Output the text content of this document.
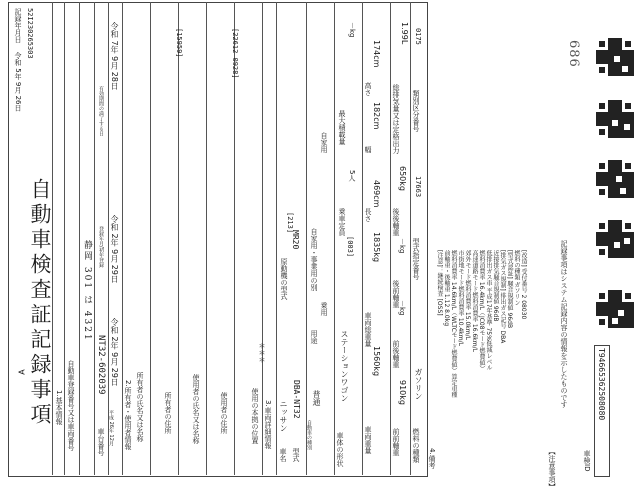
A 自動車検査証記録事項
52I230265303
記録年月日
令和 5年 9月 26日
1.基本情報 自動車登録番号又は車両番号
静岡 301 は 4321
車台番号
NT32-602039
登録年月/初年登録
平成 26年 12月
令和 2年 9月 29日
令和 2年 9月 29日
有効期間の満了する日
令和 7年 9月 28日
2.所有者・使用者情報 所有者の氏名又は名称	所有者の住所
[15959]
使用者の氏名又は名称	使用者の住所
[22612 0928]
使用の本拠の位置
＊＊＊
3.車両詳細情報
車名
ニッサン
[213]
型式
DBA-NT32
原動機の型式
MR20
自動車の種別
普通
用途
乗用
自家用・事業用の別
自家用
車体の形状
ステーションワゴン
[003]
乗車定員
5人
最大積載量
－kg
車両重量
1560kg
車両総重量
1835kg
長さ
469cm
幅
182cm
高さ
174cm
前前軸重
910kg
前後軸重
－kg
後前軸重
－kg
後後軸重
650kg
総排気量又は定格出力
1.99L
燃料の種類
ガソリン
型式指定番号
17663
類別区分番号
0175
4.備考
[注意]：継続検査 [OSS] 前軸重・後軸重 1.12 8.0kg 燃料消費率 14.6km/L（WLTCモード燃費値）算定車種 市街地モード燃料消費率 10.4km/L 郊外モード燃料消費率 15.0km/L 高速道路モード燃料消費率 16.6km/L 燃料消費率 16.4km/L（JC08モード燃費値） 低排出ガス車 平成17年基準 75%低減レベル 近接排気騒音規制値 96dB [排気ガス規制] 排出ガス記号 DBA [型式認証] 騒音規制値 96dB 燃料の種類 ガソリン [改造] 受付番号 2 08030
【注意事項】
記録事項はシステム記録内容の情報を示したものです
車検ID
T94665362508080
686
